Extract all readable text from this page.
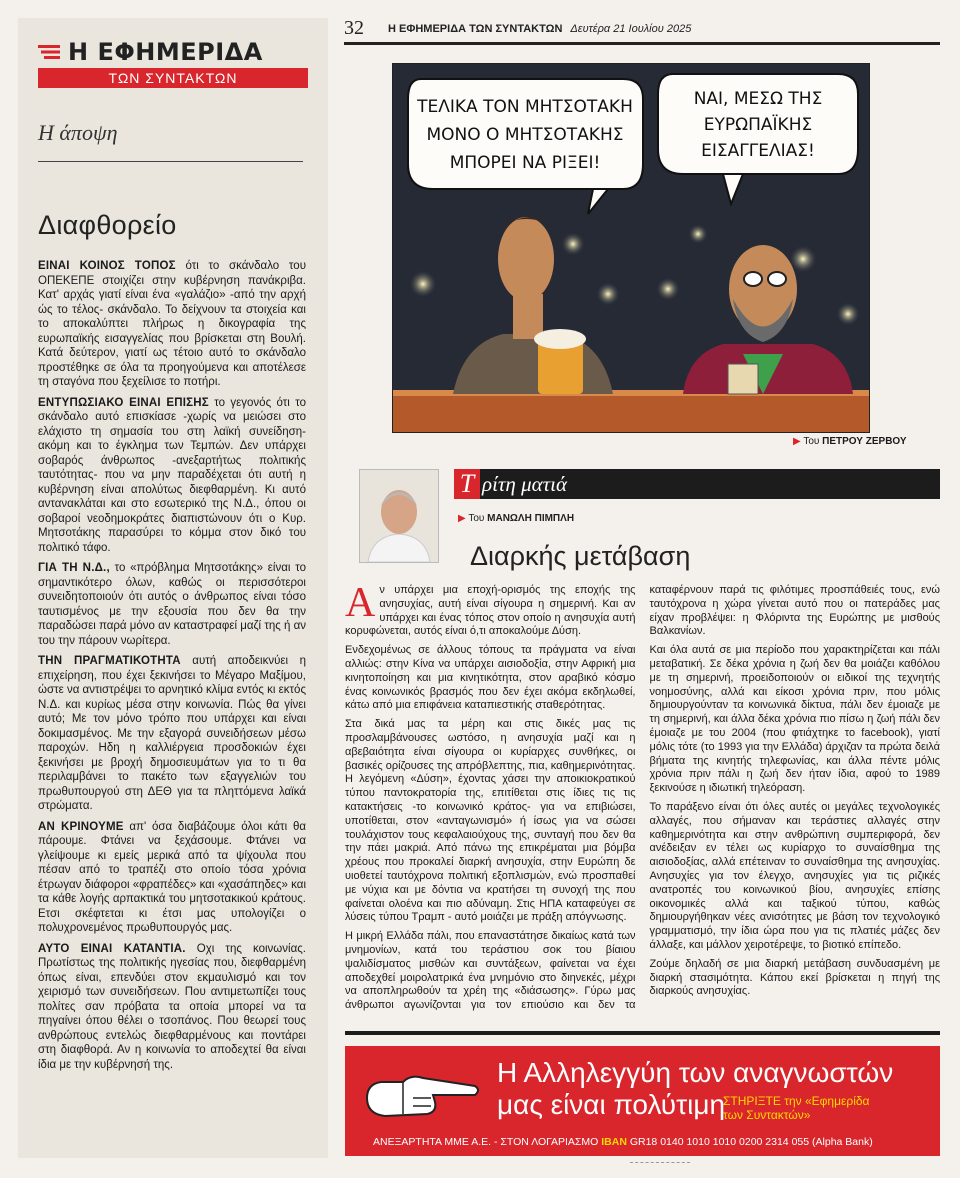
Η ΕΦΗΜΕΡΙΔΑ
ΤΩΝ ΣΥΝΤΑΚΤΩΝ
Η άποψη
Διαφθορείο

ΕΙΝΑΙ ΚΟΙΝΟΣ ΤΟΠΟΣ ότι το σκάνδαλο του ΟΠΕΚΕΠΕ στοιχίζει στην κυβέρνηση πανάκριβα. Κατ' αρχάς γιατί είναι ένα «γαλάζιο» -από την αρχή ώς το τέλος- σκάνδαλο. Το δείχνουν τα στοιχεία και το αποκαλύπτει πλήρως η δικογραφία της ευρωπαϊκής εισαγγελίας που βρίσκεται στη Βουλή. Κατά δεύτερον, γιατί ως τέτοιο αυτό το σκάνδαλο προστέθηκε σε όλα τα προηγούμενα και αποτέλεσε τη σταγόνα που ξεχείλισε το ποτήρι.

ΕΝΤΥΠΩΣΙΑΚΟ ΕΙΝΑΙ ΕΠΙΣΗΣ το γεγονός ότι το σκάνδαλο αυτό επισκίασε -χωρίς να μειώσει στο ελάχιστο τη σημασία του στη λαϊκή συνείδηση- ακόμη και το έγκλημα των Τεμπών. Δεν υπάρχει σοβαρός άνθρωπος -ανεξαρτήτως πολιτικής ταυτότητας- που να μην παραδέχεται ότι αυτή η κυβέρνηση είναι απολύτως διεφθαρμένη. Κι αυτό αντανακλάται και στο εσωτερικό της Ν.Δ., όπου οι σοβαροί νεοδημοκράτες διαπιστώνουν ότι ο Κυρ. Μητσοτάκης παρασύρει το κόμμα στον δικό του πολιτικό τάφο.

ΓΙΑ ΤΗ Ν.Δ., το «πρόβλημα Μητσοτάκης» είναι το σημαντικότερο όλων, καθώς οι περισσότεροι συνειδητοποιούν ότι αυτός ο άνθρωπος είναι τόσο ταυτισμένος με την εξουσία που δεν θα την παραδώσει παρά μόνο αν καταστραφεί μαζί της ή αν του την πάρουν νωρίτερα.

ΤΗΝ ΠΡΑΓΜΑΤΙΚΟΤΗΤΑ αυτή αποδεικνύει η επιχείρηση, που έχει ξεκινήσει το Μέγαρο Μαξίμου, ώστε να αντιστρέψει το αρνητικό κλίμα εντός κι εκτός Ν.Δ. και κυρίως μέσα στην κοινωνία. Πώς θα γίνει αυτό; Με τον μόνο τρόπο που υπάρχει και είναι δοκιμασμένος. Με την εξαγορά συνειδήσεων μέσω παροχών. Ηδη η καλλιέργεια προσδοκιών έχει ξεκινήσει με βροχή δημοσιευμάτων για το τι θα περιλαμβάνει το πακέτο των εξαγγελιών του πρωθυπουργού στη ΔΕΘ για τα πληττόμενα λαϊκά στρώματα.

ΑΝ ΚΡΙΝΟΥΜΕ απ' όσα διαβάζουμε όλοι κάτι θα πάρουμε. Φτάνει να ξεχάσουμε. Φτάνει να γλείψουμε κι εμείς μερικά από τα ψίχουλα που πέσαν από το τραπέζι στο οποίο τόσα χρόνια έτρωγαν διάφοροι «φραπέδες» και «χασάπηδες» και τα κάθε λογής αρπακτικά του μητσοτακικού κράτους. Ετσι σκέφτεται κι έτσι μας υπολογίζει ο πολυχρονεμένος πρωθυπουργός μας.

ΑΥΤΟ ΕΙΝΑΙ ΚΑΤΑΝΤΙΑ. Οχι της κοινωνίας. Πρωτίστως της πολιτικής ηγεσίας που, διεφθαρμένη όπως είναι, επενδύει στον εκμαυλισμό και τον χειρισμό των συνειδήσεων. Που αντιμετωπίζει τους πολίτες σαν πρόβατα τα οποία μπορεί να τα πηγαίνει όπου θέλει ο τσοπάνος. Που θεωρεί τους ανθρώπους εντελώς διεφθαρμένους και ποντάρει στη διαφθορά. Αν η κοινωνία το αποδεχτεί θα είναι ίδια με την κυβέρνησή της.

32 Η ΕΦΗΜΕΡΙΔΑ ΤΩΝ ΣΥΝΤΑΚΤΩΝ Δευτέρα 21 Ιουλίου 2025
ΤΕΛΙΚΑ ΤΟΝ ΜΗΤΣΟΤΑΚΗ
ΜΟΝΟ Ο ΜΗΤΣΟΤΑΚΗΣ
ΜΠΟΡΕΙ ΝΑ ΡΙΞΕΙ!
ΝΑΙ, ΜΕΣΩ ΤΗΣ
ΕΥΡΩΠΑΪΚΗΣ
ΕΙΣΑΓΓΕΛΙΑΣ!
▶ Του ΠΕΤΡΟΥ ΖΕΡΒΟΥ
Τ ρίτη ματιά
▶ Του ΜΑΝΩΛΗ ΠΙΜΠΛΗ
Διαρκής μετάβαση

Αν υπάρχει μια εποχή-ορισμός της εποχής της ανησυχίας, αυτή είναι σίγουρα η σημερινή. Και αν υπάρχει και ένας τόπος στον οποίο η ανησυχία αυτή κορυφώνεται, αυτός είναι ό,τι αποκαλούμε Δύση.

Ενδεχομένως σε άλλους τόπους τα πράγματα να είναι αλλιώς: στην Κίνα να υπάρχει αισιοδοξία, στην Αφρική μια κινητοποίηση και μια κινητικότητα, στον αραβικό κόσμο ένας κοινωνικός βρασμός που δεν έχει ακόμα εκδηλωθεί, κάτω από μια επιφάνεια καταπιεστικής σταθερότητας.

Στα δικά μας τα μέρη και στις δικές μας τις προσλαμβάνουσες ωστόσο, η ανησυχία μαζί και η αβεβαιότητα είναι σίγουρα οι κυρίαρχες συνθήκες, οι βασικές ορίζουσες της απρόβλεπτης, πια, καθημερινότητας. Η λεγόμενη «Δύση», έχοντας χάσει την αποικιοκρατικού τύπου παντοκρατορία της, επιτίθεται στις ίδιες τις τις κατακτήσεις -το κοινωνικό κράτος- για να επιβιώσει, υποτίθεται, στον «ανταγωνισμό» ή ίσως για να σώσει τουλάχιστον τους κεφαλαιούχους της, συνταγή που δεν θα την πάει μακριά. Από πάνω της επικρέμαται μια βόμβα χρέους που προκαλεί διαρκή ανησυχία, στην Ευρώπη δε υιοθετεί ταυτόχρονα πολιτική εξοπλισμών, ενώ προσπαθεί με νύχια και με δόντια να κρατήσει τη συνοχή της που φαίνεται ολοένα και πιο αδύναμη. Στις ΗΠΑ καταφεύγει σε λύσεις τύπου Τραμπ - αυτό μοιάζει με πράξη απόγνωσης.

Η μικρή Ελλάδα πάλι, που επαναστάτησε δικαίως κατά των μνημονίων, κατά του τεράστιου σοκ του βίαιου ψαλιδίσματος μισθών και συντάξεων, φαίνεται να έχει αποδεχθεί μοιρολατρικά ένα μνημόνιο στο διηνεκές, μέχρι να αποπληρωθούν τα χρέη της «διάσωσης». Γύρω μας άνθρωποι αγωνίζονται για τον επιούσιο και δεν τα καταφέρνουν παρά τις φιλότιμες προσπάθειές τους, ενώ ταυτόχρονα η χώρα γίνεται αυτό που οι πατεράδες μας είχαν προβλέψει: η Φλόριντα της Ευρώπης με μισθούς Βαλκανίων.

Και όλα αυτά σε μια περίοδο που χαρακτηρίζεται και πάλι μεταβατική. Σε δέκα χρόνια η ζωή δεν θα μοιάζει καθόλου με τη σημερινή, προειδοποιούν οι ειδικοί της τεχνητής νοημοσύνης, αλλά και είκοσι χρόνια πριν, που μόλις δημιουργούνταν τα κοινωνικά δίκτυα, πάλι δεν έμοιαζε με τη σημερινή, και άλλα δέκα χρόνια πιο πίσω η ζωή πάλι δεν έμοιαζε με του 2004 (που φτιάχτηκε το facebook), γιατί μόλις τότε (το 1993 για την Ελλάδα) άρχιζαν τα πρώτα δειλά βήματα της κινητής τηλεφωνίας, και άλλα πέντε μόλις χρόνια πριν πάλι η ζωή δεν ήταν ίδια, αφού το 1989 ξεκινούσε η ιδιωτική τηλεόραση.

Το παράξενο είναι ότι όλες αυτές οι μεγάλες τεχνολογικές αλλαγές, που σήμαναν και τεράστιες αλλαγές στην καθημερινότητα και στην ανθρώπινη συμπεριφορά, δεν ανέδειξαν εν τέλει ως κυρίαρχο το συναίσθημα της αισιοδοξίας, αλλά επέτειναν το συναίσθημα της ανησυχίας. Ανησυχίες για τον έλεγχο, ανησυχίες για τις ριζικές ανατροπές του κοινωνικού βίου, ανησυχίες επίσης οικονομικές αλλά και ταξικού τύπου, καθώς δημιουργήθηκαν νέες ανισότητες με βάση τον τεχνολογικό γραμματισμό, την ίδια ώρα που για τις πλατιές μάζες δεν άλλαξε, και μάλλον χειροτέρεψε, το βιοτικό επίπεδο.

Ζούμε δηλαδή σε μια διαρκή μετάβαση συνδυασμένη με διαρκή στασιμότητα. Κάπου εκεί βρίσκεται η πηγή της διαρκούς ανησυχίας.

Η Αλληλεγγύη των αναγνωστών
μας είναι πολύτιμη
ΣΤΗΡΙΞΤΕ την «Εφημερίδα
των Συντακτών»
ΑΝΕΞΑΡΤΗΤΑ ΜΜΕ Α.Ε. - ΣΤΟΝ ΛΟΓΑΡΙΑΣΜΟ IBAN GR18 0140 1010 1010 0200 2314 055 (Alpha Bank)
